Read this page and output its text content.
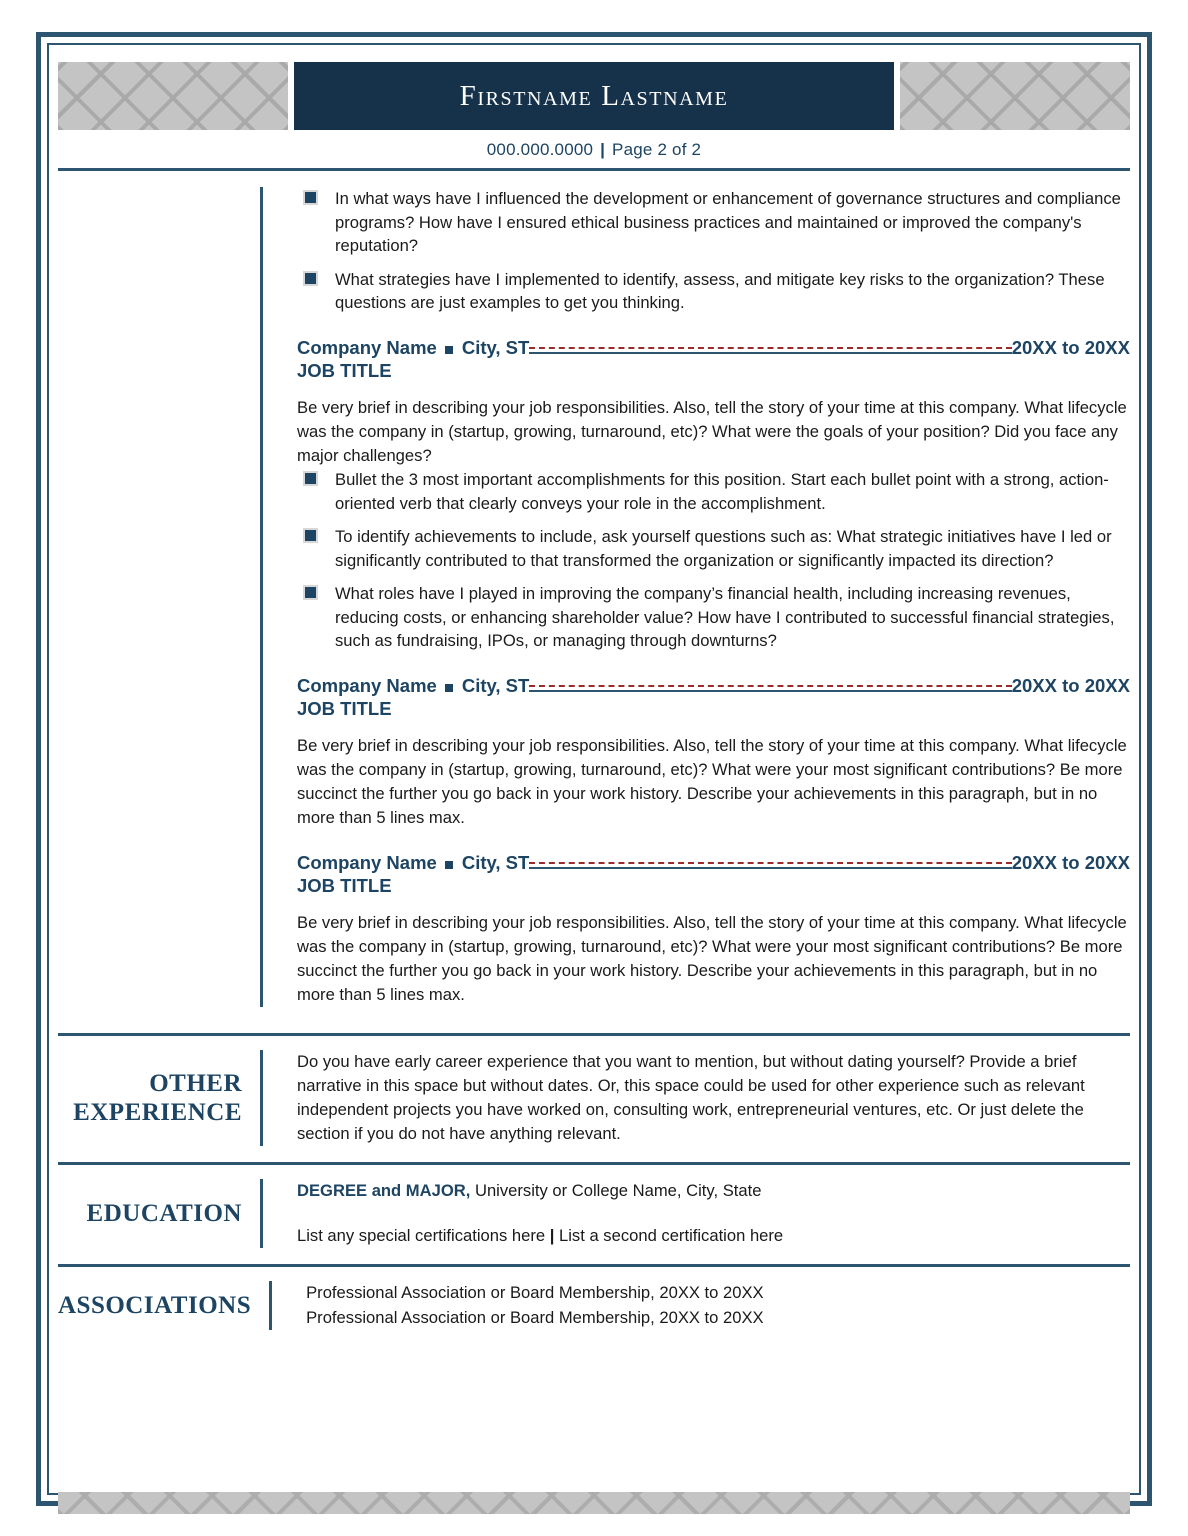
Firstname Lastname
000.000.0000 | Page 2 of 2
In what ways have I influenced the development or enhancement of governance structures and compliance programs? How have I ensured ethical business practices and maintained or improved the company's reputation?
What strategies have I implemented to identify, assess, and mitigate key risks to the organization? These questions are just examples to get you thinking.
Company Name City, ST	20XX to 20XX
JOB TITLE
Be very brief in describing your job responsibilities. Also, tell the story of your time at this company. What lifecycle was the company in (startup, growing, turnaround, etc)? What were the goals of your position? Did you face any major challenges?
Bullet the 3 most important accomplishments for this position. Start each bullet point with a strong, action-oriented verb that clearly conveys your role in the accomplishment.
To identify achievements to include, ask yourself questions such as: What strategic initiatives have I led or significantly contributed to that transformed the organization or significantly impacted its direction?
What roles have I played in improving the company’s financial health, including increasing revenues, reducing costs, or enhancing shareholder value? How have I contributed to successful financial strategies, such as fundraising, IPOs, or managing through downturns?
Company Name City, ST	20XX to 20XX
JOB TITLE
Be very brief in describing your job responsibilities. Also, tell the story of your time at this company. What lifecycle was the company in (startup, growing, turnaround, etc)? What were your most significant contributions? Be more succinct the further you go back in your work history. Describe your achievements in this paragraph, but in no more than 5 lines max.
Company Name City, ST	20XX to 20XX
JOB TITLE
Be very brief in describing your job responsibilities. Also, tell the story of your time at this company. What lifecycle was the company in (startup, growing, turnaround, etc)? What were your most significant contributions? Be more succinct the further you go back in your work history. Describe your achievements in this paragraph, but in no more than 5 lines max.
OTHER
EXPERIENCE
Do you have early career experience that you want to mention, but without dating yourself? Provide a brief narrative in this space but without dates. Or, this space could be used for other experience such as relevant independent projects you have worked on, consulting work, entrepreneurial ventures, etc. Or just delete the section if you do not have anything relevant.
EDUCATION
DEGREE and MAJOR, University or College Name, City, State
List any special certifications here | List a second certification here
ASSOCIATIONS	Professional Association or Board Membership, 20XX to 20XX
Professional Association or Board Membership, 20XX to 20XX
